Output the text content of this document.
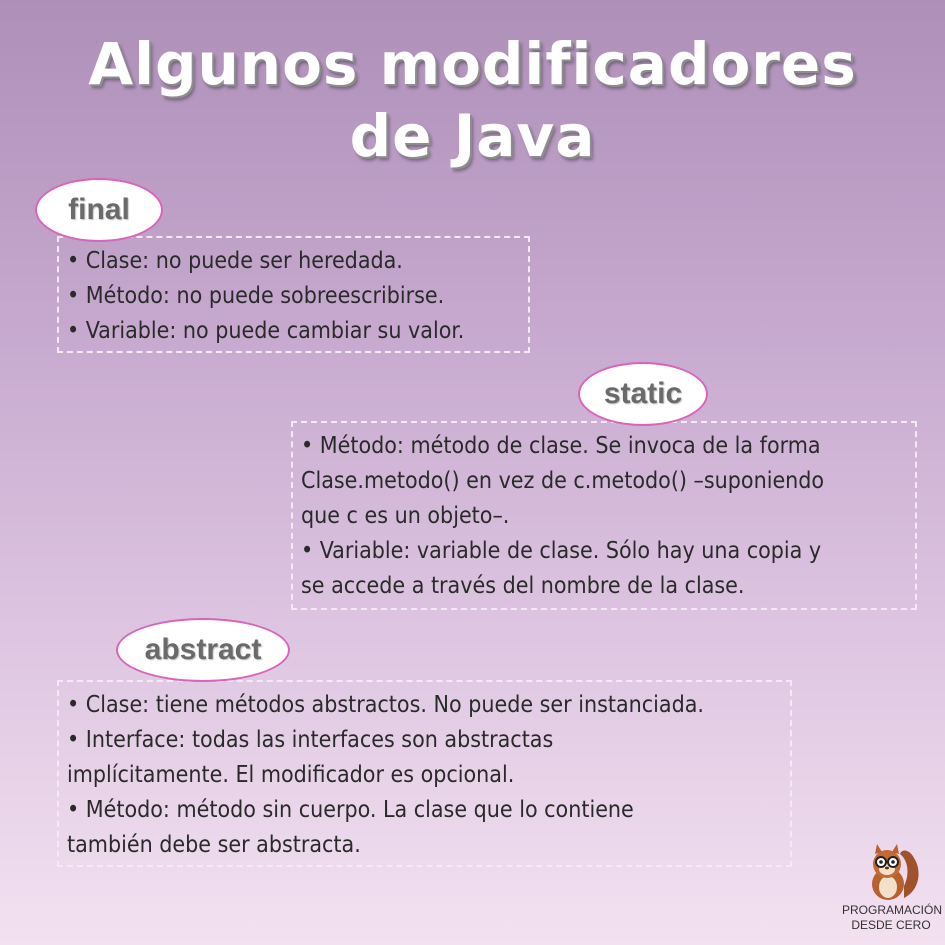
Algunos modificadores
de Java
final

• Clase: no puede ser heredada.

• Método: no puede sobreescribirse.

• Variable: no puede cambiar su valor.

static

• Método: método de clase. Se invoca de la forma

Clase.metodo() en vez de c.metodo() –suponiendo

que c es un objeto–.

• Variable: variable de clase. Sólo hay una copia y

se accede a través del nombre de la clase.

abstract

• Clase: tiene métodos abstractos. No puede ser instanciada.

• Interface: todas las interfaces son abstractas

implícitamente. El modificador es opcional.

• Método: método sin cuerpo. La clase que lo contiene

también debe ser abstracta.

PROGRAMACIÓN
DESDE CERO
